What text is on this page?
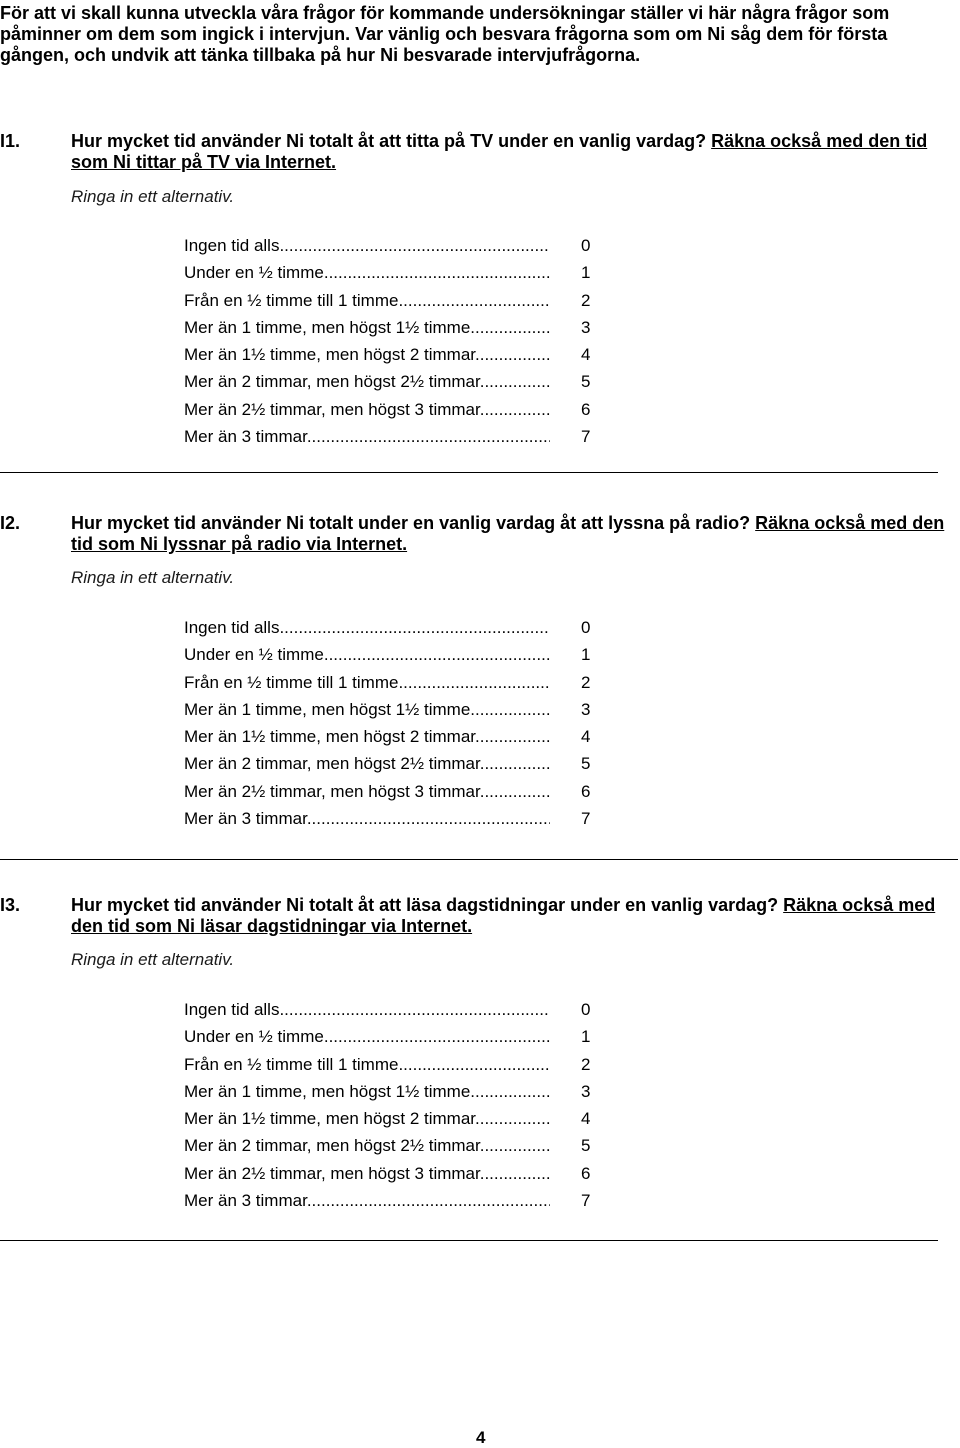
För att vi skall kunna utveckla våra frågor för kommande undersökningar ställer vi här några frågor som påminner om dem som ingick i intervjun. Var vänlig och besvara frågorna som om Ni såg dem för första gången, och undvik att tänka tillbaka på hur Ni besvarade intervjufrågorna.
I1.	Hur mycket tid använder Ni totalt åt att titta på TV under en vanlig vardag? Räkna också med den tid som Ni tittar på TV via Internet.
Ringa in ett alternativ.
Ingen tid alls .....	0
Under en ½ timme .....	1
Från en ½ timme till 1 timme .....	2
Mer än 1 timme, men högst 1½ timme .....	3
Mer än 1½ timme, men högst 2 timmar .....	4
Mer än 2 timmar, men högst 2½ timmar .....	5
Mer än 2½ timmar, men högst 3 timmar .....	6
Mer än 3 timmar .....	7
I2.	Hur mycket tid använder Ni totalt under en vanlig vardag åt att lyssna på radio? Räkna också med den tid som Ni lyssnar på radio via Internet.
Ringa in ett alternativ.
Ingen tid alls .....	0
Under en ½ timme .....	1
Från en ½ timme till 1 timme .....	2
Mer än 1 timme, men högst 1½ timme .....	3
Mer än 1½ timme, men högst 2 timmar .....	4
Mer än 2 timmar, men högst 2½ timmar .....	5
Mer än 2½ timmar, men högst 3 timmar .....	6
Mer än 3 timmar .....	7
I3.	Hur mycket tid använder Ni totalt åt att läsa dagstidningar under en vanlig vardag? Räkna också med den tid som Ni läsar dagstidningar via Internet.
Ringa in ett alternativ.
Ingen tid alls .....	0
Under en ½ timme .....	1
Från en ½ timme till 1 timme .....	2
Mer än 1 timme, men högst 1½ timme .....	3
Mer än 1½ timme, men högst 2 timmar .....	4
Mer än 2 timmar, men högst 2½ timmar .....	5
Mer än 2½ timmar, men högst 3 timmar .....	6
Mer än 3 timmar .....	7
4
